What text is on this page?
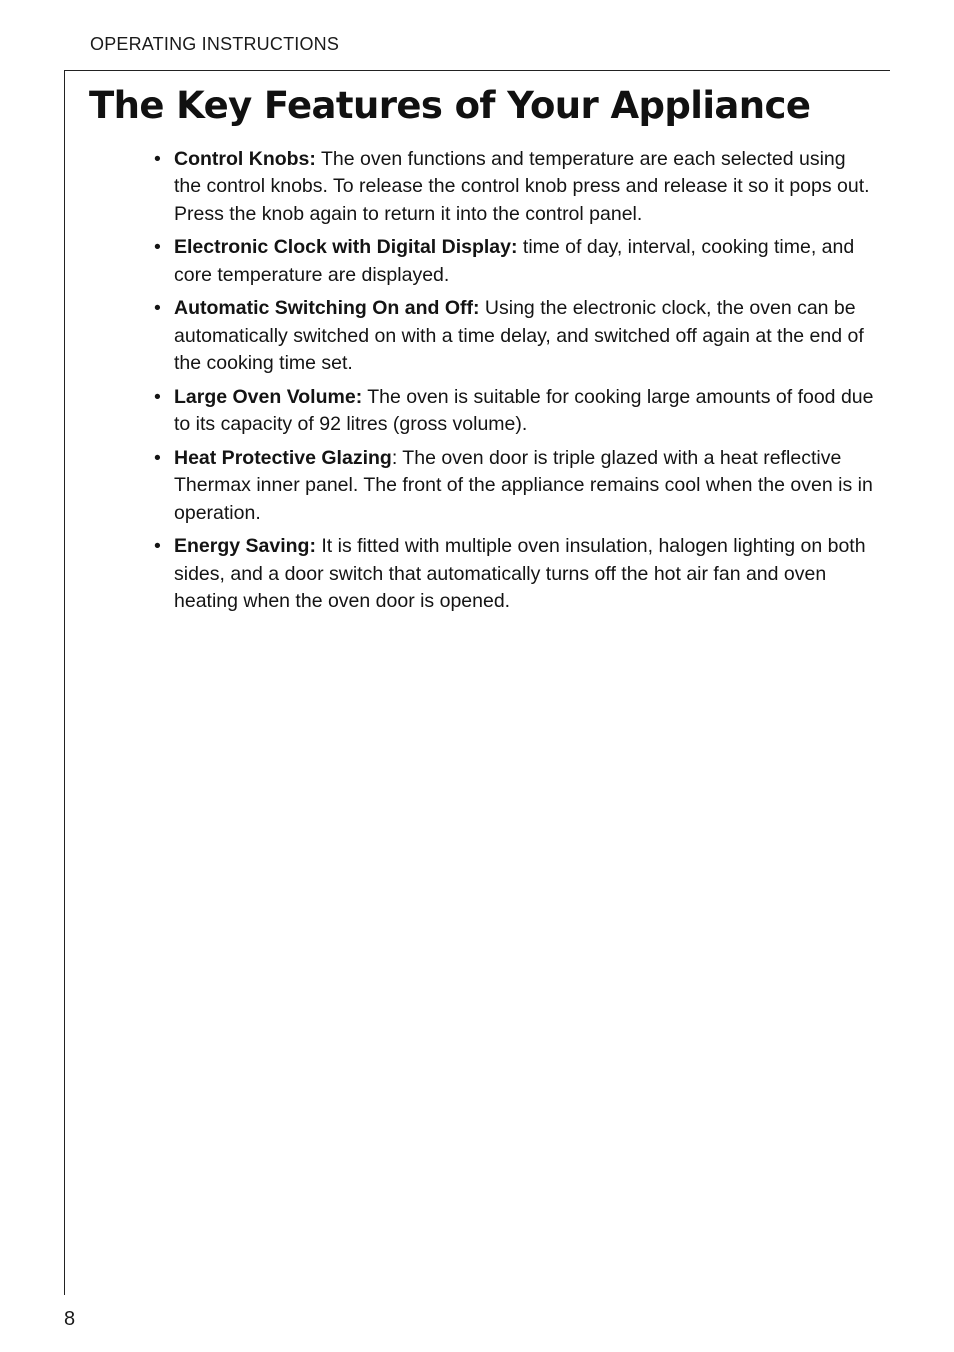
OPERATING INSTRUCTIONS
The Key Features of Your Appliance
• Control Knobs: The oven functions and temperature are each selected using the control knobs. To release the control knob press and release it so it pops out. Press the knob again to return it into the control panel.
• Electronic Clock with Digital Display: time of day, interval, cooking time, and core temperature are displayed.
• Automatic Switching On and Off: Using the electronic clock, the oven can be automatically switched on with a time delay, and switched off again at the end of the cooking time set.
• Large Oven Volume: The oven is suitable for cooking large amounts of food due to its capacity of 92 litres (gross volume).
• Heat Protective Glazing: The oven door is triple glazed with a heat reflective Thermax inner panel. The front of the appliance remains cool when the oven is in operation.
• Energy Saving: It is fitted with multiple oven insulation, halogen lighting on both sides, and a door switch that automatically turns off the hot air fan and oven heating when the oven door is opened.
8
